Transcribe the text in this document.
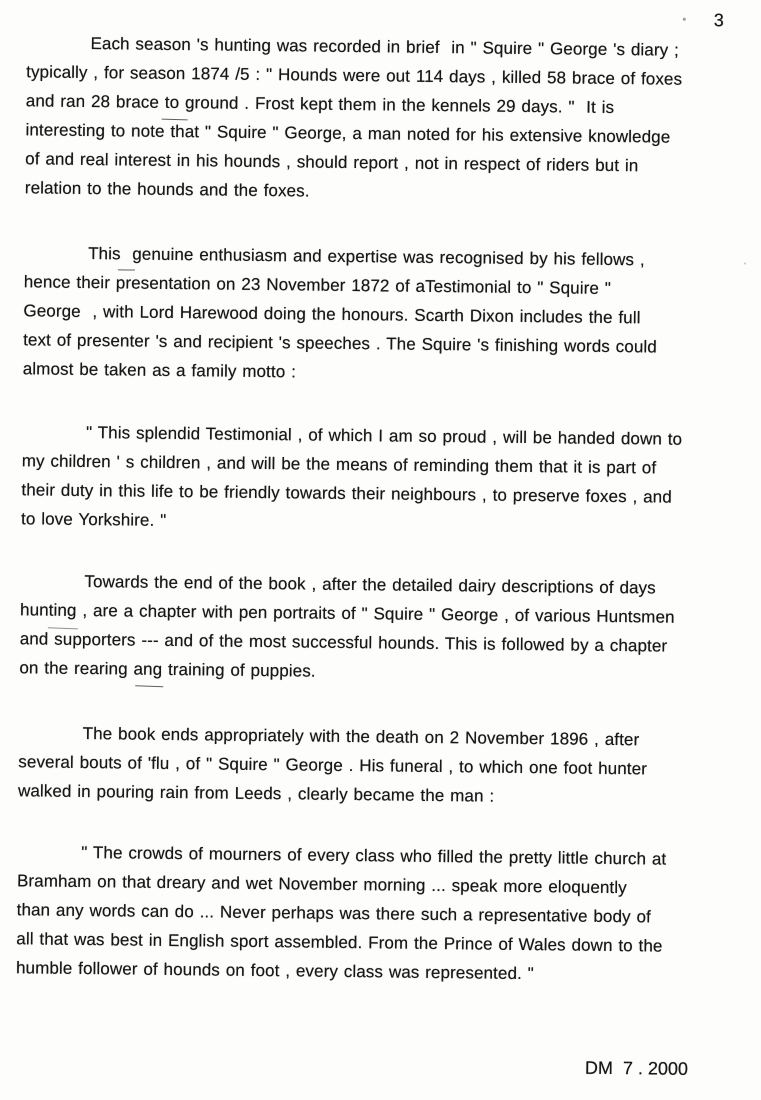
3
Each season 's hunting was recorded in brief  in " Squire " George 's diary ;
typically , for season 1874 /5 : " Hounds were out 114 days , killed 58 brace of foxes
and ran 28 brace to ground . Frost kept them in the kennels 29 days. "  It is
interesting to note that " Squire " George, a man noted for his extensive knowledge
of and real interest in his hounds , should report , not in respect of riders but in
relation to the hounds and the foxes.
This  genuine enthusiasm and expertise was recognised by his fellows ,
hence their presentation on 23 November 1872 of aTestimonial to " Squire "
George  , with Lord Harewood doing the honours. Scarth Dixon includes the full
text of presenter 's and recipient 's speeches . The Squire 's finishing words could
almost be taken as a family motto :
" This splendid Testimonial , of which I am so proud , will be handed down to
my children ' s children , and will be the means of reminding them that it is part of
their duty in this life to be friendly towards their neighbours , to preserve foxes , and
to love Yorkshire. "
Towards the end of the book , after the detailed dairy descriptions of days
hunting , are a chapter with pen portraits of " Squire " George , of various Huntsmen
and supporters --- and of the most successful hounds. This is followed by a chapter
on the rearing ang training of puppies.
The book ends appropriately with the death on 2 November 1896 , after
several bouts of 'flu , of " Squire " George . His funeral , to which one foot hunter
walked in pouring rain from Leeds , clearly became the man :
" The crowds of mourners of every class who filled the pretty little church at
Bramham on that dreary and wet November morning ... speak more eloquently
than any words can do ... Never perhaps was there such a representative body of
all that was best in English sport assembled. From the Prince of Wales down to the
humble follower of hounds on foot , every class was represented. "
DM  7 . 2000
